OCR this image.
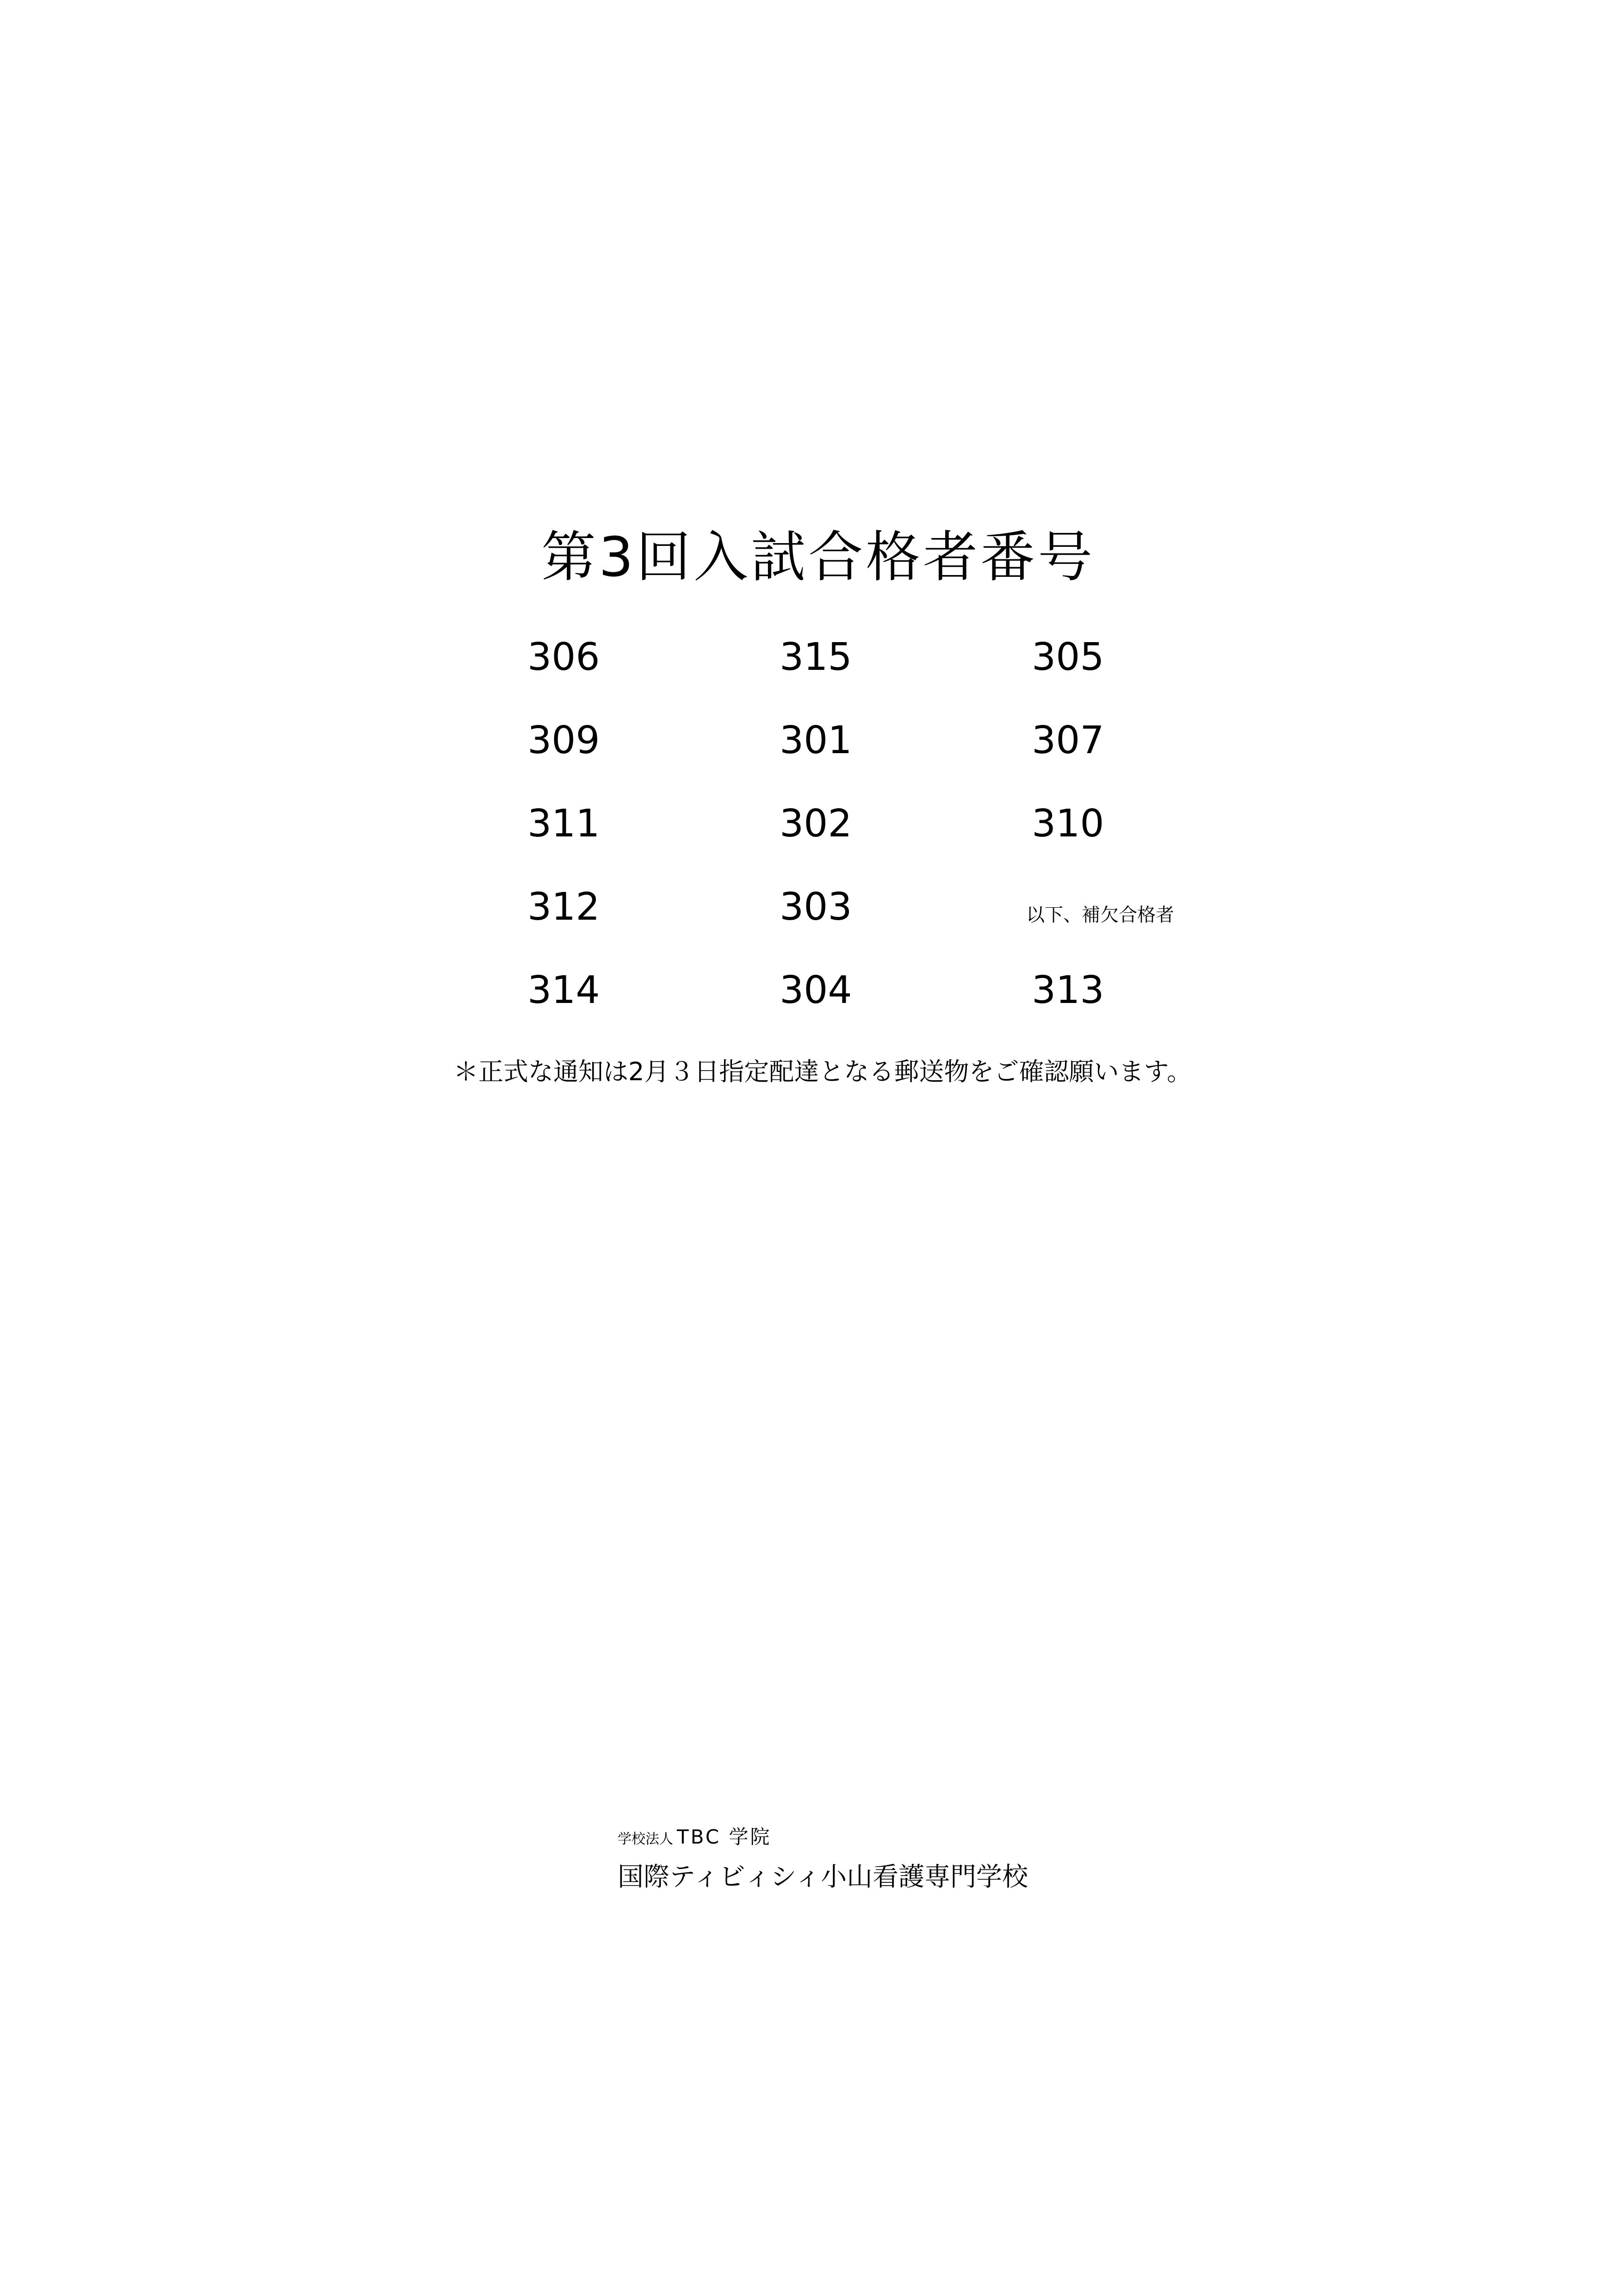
第3回入試合格者番号
306
309
311
312
314
315
301
302
303
304
305
307
310
以下、補欠合格者
313
＊正式な通知は2月３日指定配達となる郵送物をご確認願います。
学校法人 TBC 学院
国際ティビィシィ小山看護専門学校
